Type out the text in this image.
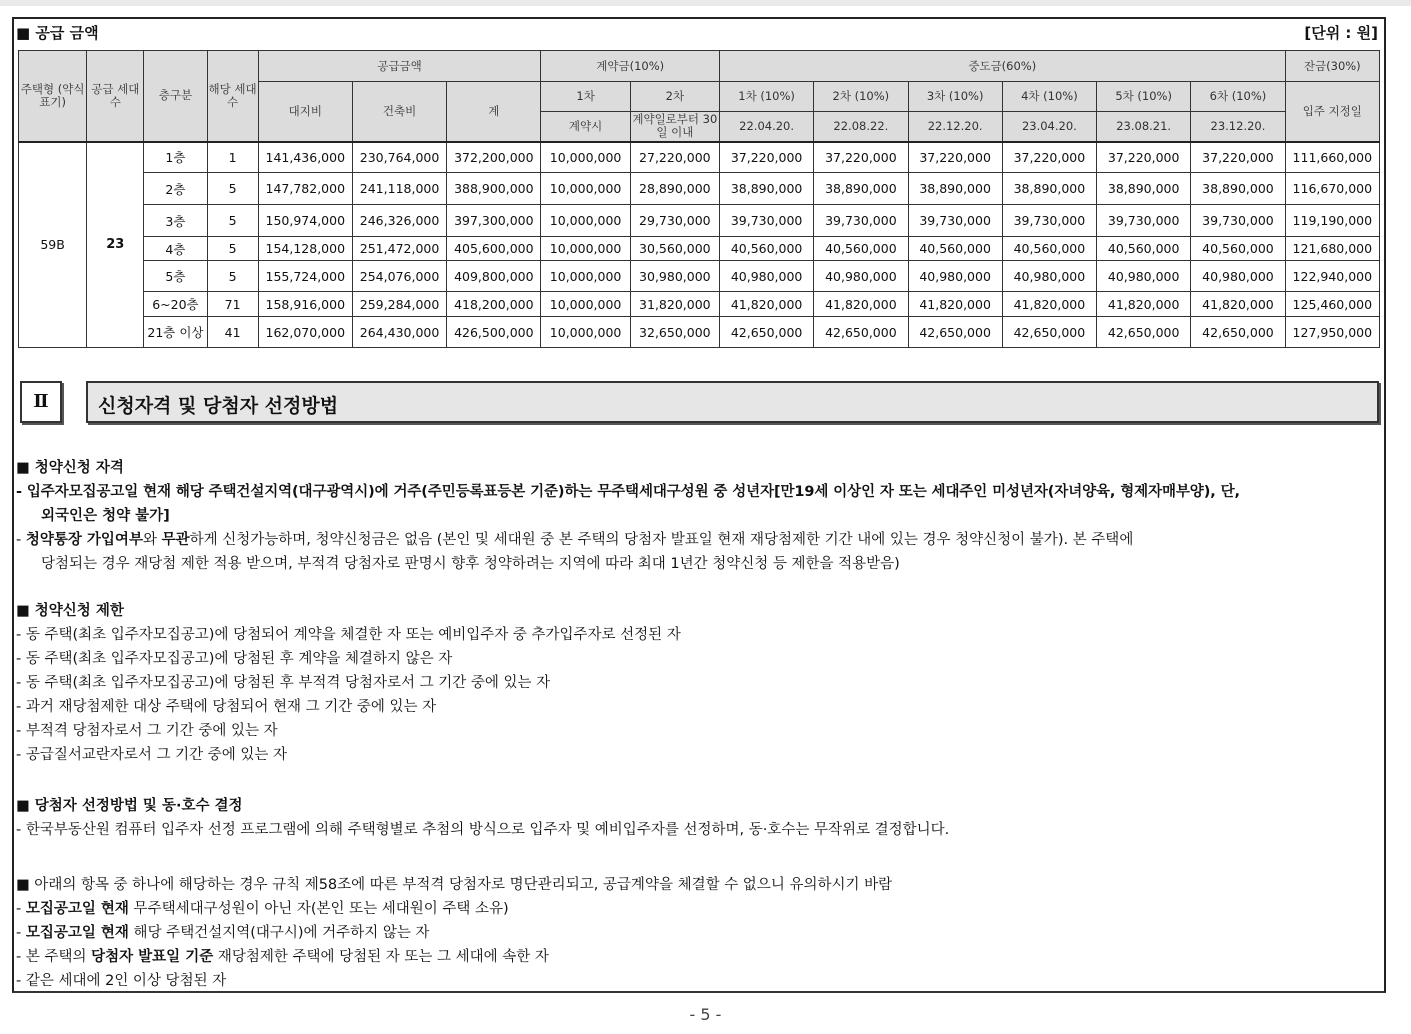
■ 공급 금액	[단위 : 원]
주택형 (약식표기)	공급 세대수	층구분	해당 세대수	공급금액			계약금(10%)		중도금(60%)						잔금(30%)
				대지비	건축비	계	1차	2차	1차 (10%)	2차 (10%)	3차 (10%)	4차 (10%)	5차 (10%)	6차 (10%)	입주 지정일
							계약시	계약일로부터 30일 이내	22.04.20.	22.08.22.	22.12.20.	23.04.20.	23.08.21.	23.12.20.	
59B	23	1층	1	141,436,000	230,764,000	372,200,000	10,000,000	27,220,000	37,220,000	37,220,000	37,220,000	37,220,000	37,220,000	37,220,000	111,660,000
		2층	5	147,782,000	241,118,000	388,900,000	10,000,000	28,890,000	38,890,000	38,890,000	38,890,000	38,890,000	38,890,000	38,890,000	116,670,000
		3층	5	150,974,000	246,326,000	397,300,000	10,000,000	29,730,000	39,730,000	39,730,000	39,730,000	39,730,000	39,730,000	39,730,000	119,190,000
		4층	5	154,128,000	251,472,000	405,600,000	10,000,000	30,560,000	40,560,000	40,560,000	40,560,000	40,560,000	40,560,000	40,560,000	121,680,000
		5층	5	155,724,000	254,076,000	409,800,000	10,000,000	30,980,000	40,980,000	40,980,000	40,980,000	40,980,000	40,980,000	40,980,000	122,940,000
		6~20층	71	158,916,000	259,284,000	418,200,000	10,000,000	31,820,000	41,820,000	41,820,000	41,820,000	41,820,000	41,820,000	41,820,000	125,460,000
		21층 이상	41	162,070,000	264,430,000	426,500,000	10,000,000	32,650,000	42,650,000	42,650,000	42,650,000	42,650,000	42,650,000	42,650,000	127,950,000
Ⅱ	신청자격 및 당첨자 선정방법
■ 청약신청 자격
- 입주자모집공고일 현재 해당 주택건설지역(대구광역시)에 거주(주민등록표등본 기준)하는 무주택세대구성원 중 성년자[만19세 이상인 자 또는 세대주인 미성년자(자녀양육, 형제자매부양), 단,
외국인은 청약 불가]
- 청약통장 가입여부와 무관하게 신청가능하며, 청약신청금은 없음 (본인 및 세대원 중 본 주택의 당첨자 발표일 현재 재당첨제한 기간 내에 있는 경우 청약신청이 불가). 본 주택에
당첨되는 경우 재당첨 제한 적용 받으며, 부적격 당첨자로 판명시 향후 청약하려는 지역에 따라 최대 1년간 청약신청 등 제한을 적용받음)
■ 청약신청 제한
- 동 주택(최초 입주자모집공고)에 당첨되어 계약을 체결한 자 또는 예비입주자 중 추가입주자로 선정된 자
- 동 주택(최초 입주자모집공고)에 당첨된 후 계약을 체결하지 않은 자
- 동 주택(최초 입주자모집공고)에 당첨된 후 부적격 당첨자로서 그 기간 중에 있는 자
- 과거 재당첨제한 대상 주택에 당첨되어 현재 그 기간 중에 있는 자
- 부적격 당첨자로서 그 기간 중에 있는 자
- 공급질서교란자로서 그 기간 중에 있는 자
■ 당첨자 선정방법 및 동·호수 결정
- 한국부동산원 컴퓨터 입주자 선정 프로그램에 의해 주택형별로 추첨의 방식으로 입주자 및 예비입주자를 선정하며, 동·호수는 무작위로 결정합니다.
■ 아래의 항목 중 하나에 해당하는 경우 규칙 제58조에 따른 부적격 당첨자로 명단관리되고, 공급계약을 체결할 수 없으니 유의하시기 바람
- 모집공고일 현재 무주택세대구성원이 아닌 자(본인 또는 세대원이 주택 소유)
- 모집공고일 현재 해당 주택건설지역(대구시)에 거주하지 않는 자
- 본 주택의 당첨자 발표일 기준 재당첨제한 주택에 당첨된 자 또는 그 세대에 속한 자
- 같은 세대에 2인 이상 당첨된 자
- 5 -
